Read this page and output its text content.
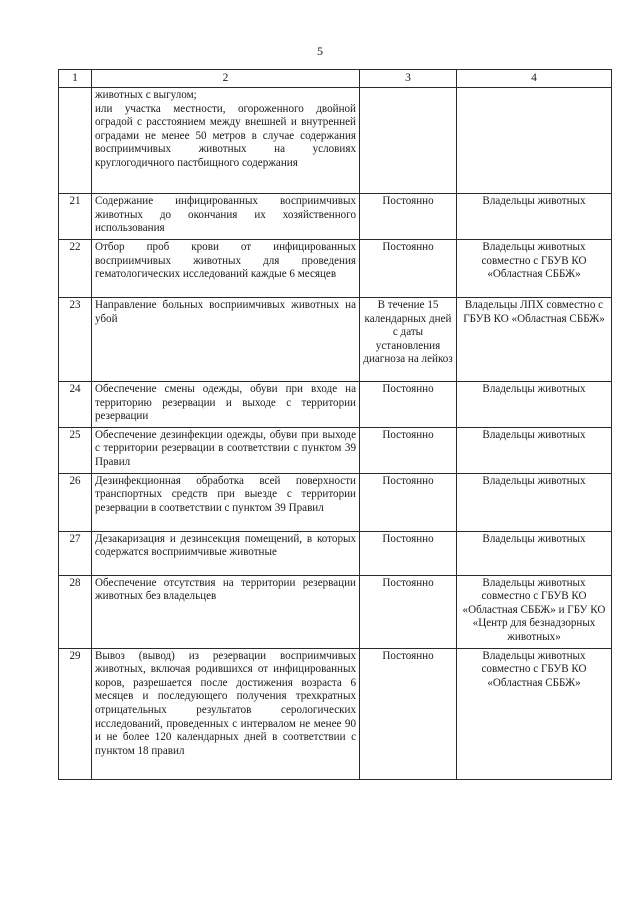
5
1	2	3	4
	животных с выгулом;
или участка местности, огороженного двойной оградой с расстоянием между внешней и внутренней оградами не менее 50 метров в случае содержания восприимчивых животных на условиях круглогодичного пастбищного содержания		
21	Содержание инфицированных восприимчивых животных до окончания их хозяйственного использования	Постоянно	Владельцы животных
22	Отбор проб крови от инфицированных восприимчивых животных для проведения гематологических исследований каждые 6 месяцев	Постоянно	Владельцы животных совместно с ГБУВ КО «Областная СББЖ»
23	Направление больных восприимчивых животных на убой	В течение 15 календарных дней с даты установления диагноза на лейкоз	Владельцы ЛПХ совместно с ГБУВ КО «Областная СББЖ»
24	Обеспечение смены одежды, обуви при входе на территорию резервации и выходе с территории резервации	Постоянно	Владельцы животных
25	Обеспечение дезинфекции одежды, обуви при выходе с территории резервации в соответствии с пунктом 39 Правил	Постоянно	Владельцы животных
26	Дезинфекционная обработка всей поверхности транспортных средств при выезде с территории резервации в соответствии с пунктом 39 Правил	Постоянно	Владельцы животных
27	Дезакаризация и дезинсекция помещений, в которых содержатся восприимчивые животные	Постоянно	Владельцы животных
28	Обеспечение отсутствия на территории резервации животных без владельцев	Постоянно	Владельцы животных совместно с ГБУВ КО «Областная СББЖ» и ГБУ КО «Центр для безнадзорных животных»
29	Вывоз (вывод) из резервации восприимчивых животных, включая родившихся от инфицированных коров, разрешается после достижения возраста 6 месяцев и последующего получения трехкратных отрицательных результатов серологических исследований, проведенных с интервалом не менее 90 и не более 120 календарных дней в соответствии с пунктом 18 правил	Постоянно	Владельцы животных совместно с ГБУВ КО «Областная СББЖ»
